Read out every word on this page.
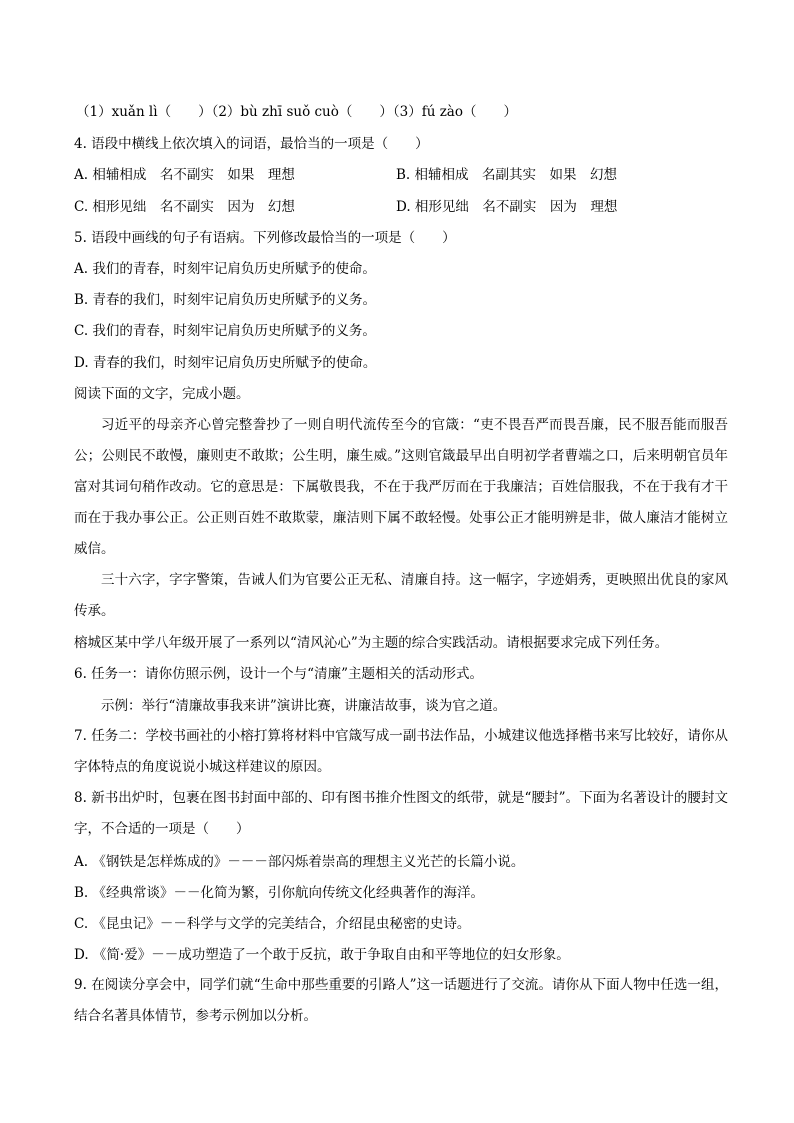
（1）xuǎn lì（　　）（2）bù zhī suǒ cuò（　　）（3）fú zào（　　）
4. 语段中横线上依次填入的词语，最恰当的一项是（　　）
A. 相辅相成　名不副实　如果　理想	B. 相辅相成　名副其实　如果　幻想
C. 相形见绌　名不副实　因为　幻想	D. 相形见绌　名不副实　因为　理想
5. 语段中画线的句子有语病。下列修改最恰当的一项是（　　）
A. 我们的青春，时刻牢记肩负历史所赋予的使命。
B. 青春的我们，时刻牢记肩负历史所赋予的义务。
C. 我们的青春，时刻牢记肩负历史所赋予的义务。
D. 青春的我们，时刻牢记肩负历史所赋予的使命。
阅读下面的文字，完成小题。
习近平的母亲齐心曾完整誊抄了一则自明代流传至今的官箴：“吏不畏吾严而畏吾廉，民不服吾能而服吾公；公则民不敢慢，廉则吏不敢欺；公生明，廉生威。”这则官箴最早出自明初学者曹端之口，后来明朝官员年富对其词句稍作改动。它的意思是：下属敬畏我，不在于我严厉而在于我廉洁；百姓信服我，不在于我有才干而在于我办事公正。公正则百姓不敢欺蒙，廉洁则下属不敢轻慢。处事公正才能明辨是非，做人廉洁才能树立威信。
三十六字，字字警策，告诫人们为官要公正无私、清廉自持。这一幅字，字迹娟秀，更映照出优良的家风传承。
榕城区某中学八年级开展了一系列以“清风沁心”为主题的综合实践活动。请根据要求完成下列任务。
6. 任务一：请你仿照示例，设计一个与“清廉”主题相关的活动形式。
示例：举行“清廉故事我来讲”演讲比赛，讲廉洁故事，谈为官之道。
7. 任务二：学校书画社的小榕打算将材料中官箴写成一副书法作品，小城建议他选择楷书来写比较好，请你从字体特点的角度说说小城这样建议的原因。
8. 新书出炉时，包裹在图书封面中部的、印有图书推介性图文的纸带，就是“腰封”。下面为名著设计的腰封文字，不合适的一项是（　　）
A. 《钢铁是怎样炼成的》－－－部闪烁着崇高的理想主义光芒的长篇小说。
B. 《经典常谈》－－化简为繁，引你航向传统文化经典著作的海洋。
C. 《昆虫记》－－科学与文学的完美结合，介绍昆虫秘密的史诗。
D. 《简·爱》－－成功塑造了一个敢于反抗，敢于争取自由和平等地位的妇女形象。
9. 在阅读分享会中，同学们就“生命中那些重要的引路人”这一话题进行了交流。请你从下面人物中任选一组，结合名著具体情节，参考示例加以分析。
